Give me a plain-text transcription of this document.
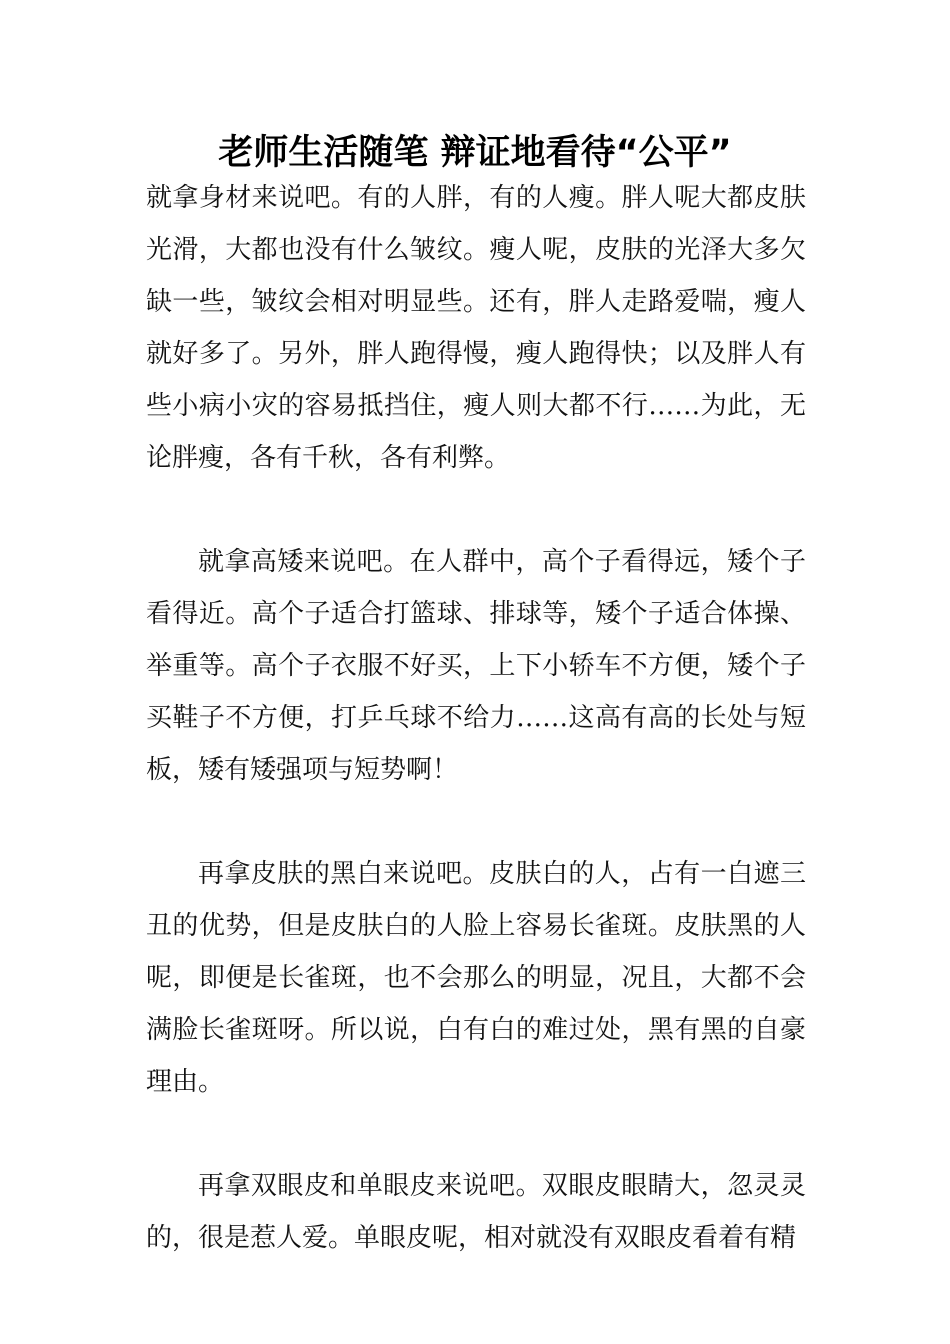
老师生活随笔 辩证地看待“公平”

就拿身材来说吧。有的人胖，有的人瘦。胖人呢大都皮肤光滑，大都也没有什么皱纹。瘦人呢，皮肤的光泽大多欠缺一些，皱纹会相对明显些。还有，胖人走路爱喘，瘦人就好多了。另外，胖人跑得慢，瘦人跑得快；以及胖人有些小病小灾的容易抵挡住，瘦人则大都不行……为此，无论胖瘦，各有千秋，各有利弊。

就拿高矮来说吧。在人群中，高个子看得远，矮个子看得近。高个子适合打篮球、排球等，矮个子适合体操、举重等。高个子衣服不好买，上下小轿车不方便，矮个子买鞋子不方便，打乒乓球不给力……这高有高的长处与短板，矮有矮强项与短势啊！

再拿皮肤的黑白来说吧。皮肤白的人，占有一白遮三丑的优势，但是皮肤白的人脸上容易长雀斑。皮肤黑的人呢，即便是长雀斑，也不会那么的明显，况且，大都不会满脸长雀斑呀。所以说，白有白的难过处，黑有黑的自豪理由。

再拿双眼皮和单眼皮来说吧。双眼皮眼睛大，忽灵灵的，很是惹人爱。单眼皮呢，相对就没有双眼皮看着有精
